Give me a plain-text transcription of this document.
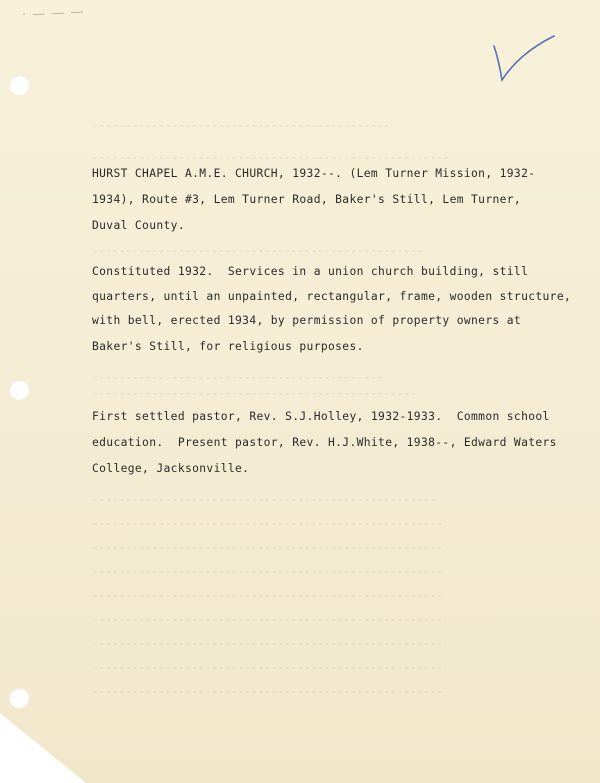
---------------------------------------------

------------------------------------------------------

--------------------------------------------------

--------------------------------------------

-------------------------------------------------

----------------------------------------------------

-----------------------------------------------------

-----------------------------------------------------

-----------------------------------------------------

-----------------------------------------------------

-----------------------------------------------------

-----------------------------------------------------

-----------------------------------------------------

-----------------------------------------------------

· — — —
HURST CHAPEL A.M.E. CHURCH, 1932--. (Lem Turner Mission, 1932-
1934), Route #3, Lem Turner Road, Baker's Still, Lem Turner,
Duval County.
Constituted 1932.  Services in a union church building, still
quarters, until an unpainted, rectangular, frame, wooden structure,
with bell, erected 1934, by permission of property owners at
Baker's Still, for religious purposes.
First settled pastor, Rev. S.J.Holley, 1932-1933.  Common school
education.  Present pastor, Rev. H.J.White, 1938--, Edward Waters
College, Jacksonville.
